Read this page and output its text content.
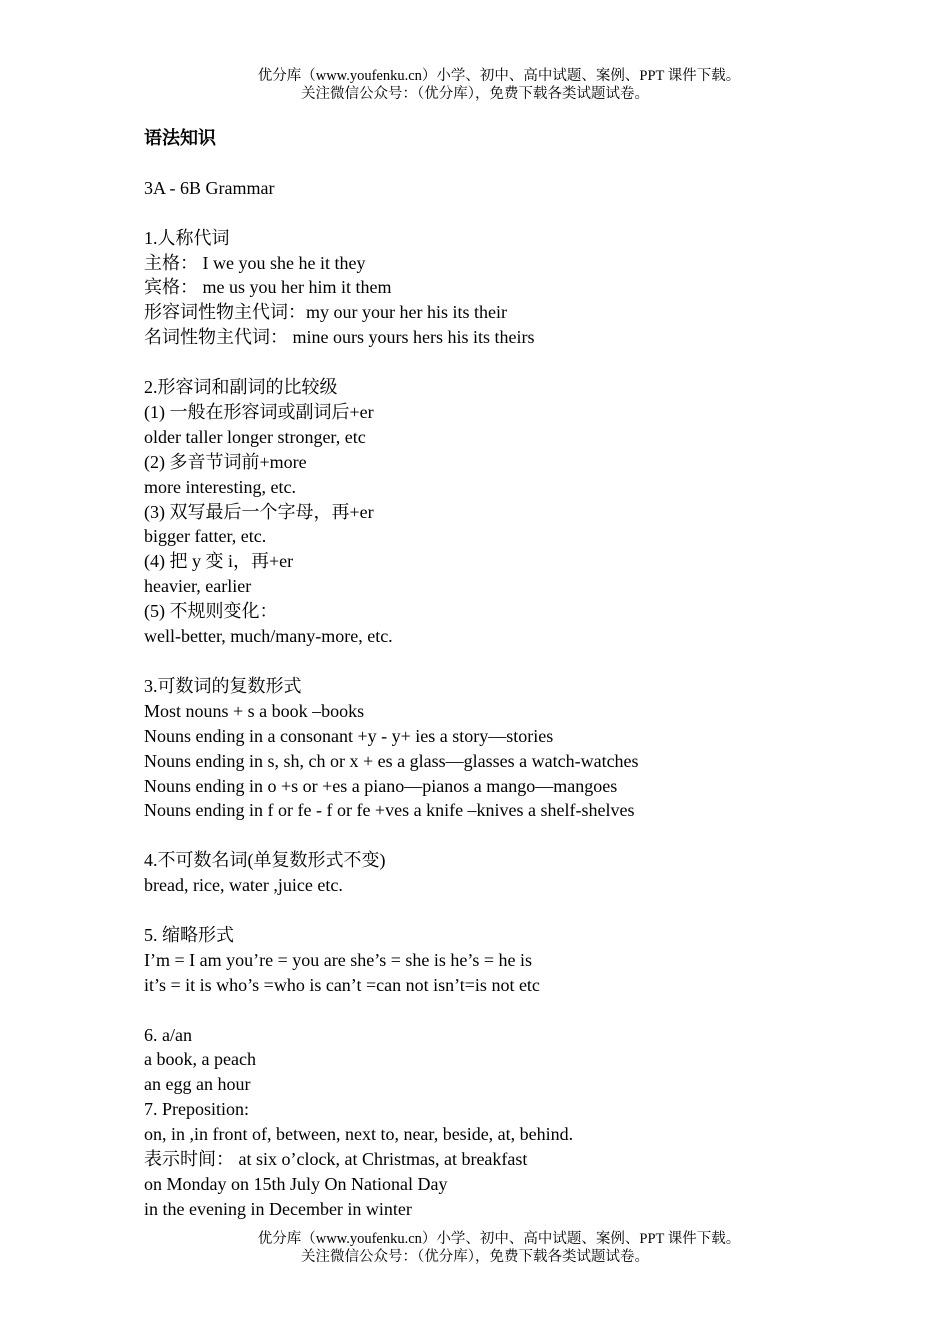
优分库（www.youfenku.cn）小学、初中、高中试题、案例、PPT 课件下载。
关注微信公众号：（优分库），免费下载各类试题试卷。
语法知识
3A - 6B Grammar
1.人称代词
主格： I we you she he it they
宾格： me us you her him it them
形容词性物主代词：my our your her his its their
名词性物主代词： mine ours yours hers his its theirs
2.形容词和副词的比较级
(1) 一般在形容词或副词后+er
older taller longer stronger, etc
(2) 多音节词前+more
more interesting, etc.
(3) 双写最后一个字母，再+er
bigger fatter, etc.
(4) 把 y 变 i，再+er
heavier, earlier
(5) 不规则变化：
well-better, much/many-more, etc.
3.可数词的复数形式
Most nouns + s a book –books
Nouns ending in a consonant +y - y+ ies a story—stories
Nouns ending in s, sh, ch or x + es a glass—glasses a watch-watches
Nouns ending in o +s or +es a piano—pianos a mango—mangoes
Nouns ending in f or fe - f or fe +ves a knife –knives a shelf-shelves
4.不可数名词(单复数形式不变)
bread, rice, water ,juice etc.
5. 缩略形式
I’m = I am you’re = you are she’s = she is he’s = he is
it’s = it is who’s =who is can’t =can not isn’t=is not etc
6. a/an
a book, a peach
an egg an hour
7. Preposition:
on, in ,in front of, between, next to, near, beside, at, behind.
表示时间： at six o’clock, at Christmas, at breakfast
on Monday on 15th July On National Day
in the evening in December in winter
优分库（www.youfenku.cn）小学、初中、高中试题、案例、PPT 课件下载。
关注微信公众号：（优分库），免费下载各类试题试卷。
